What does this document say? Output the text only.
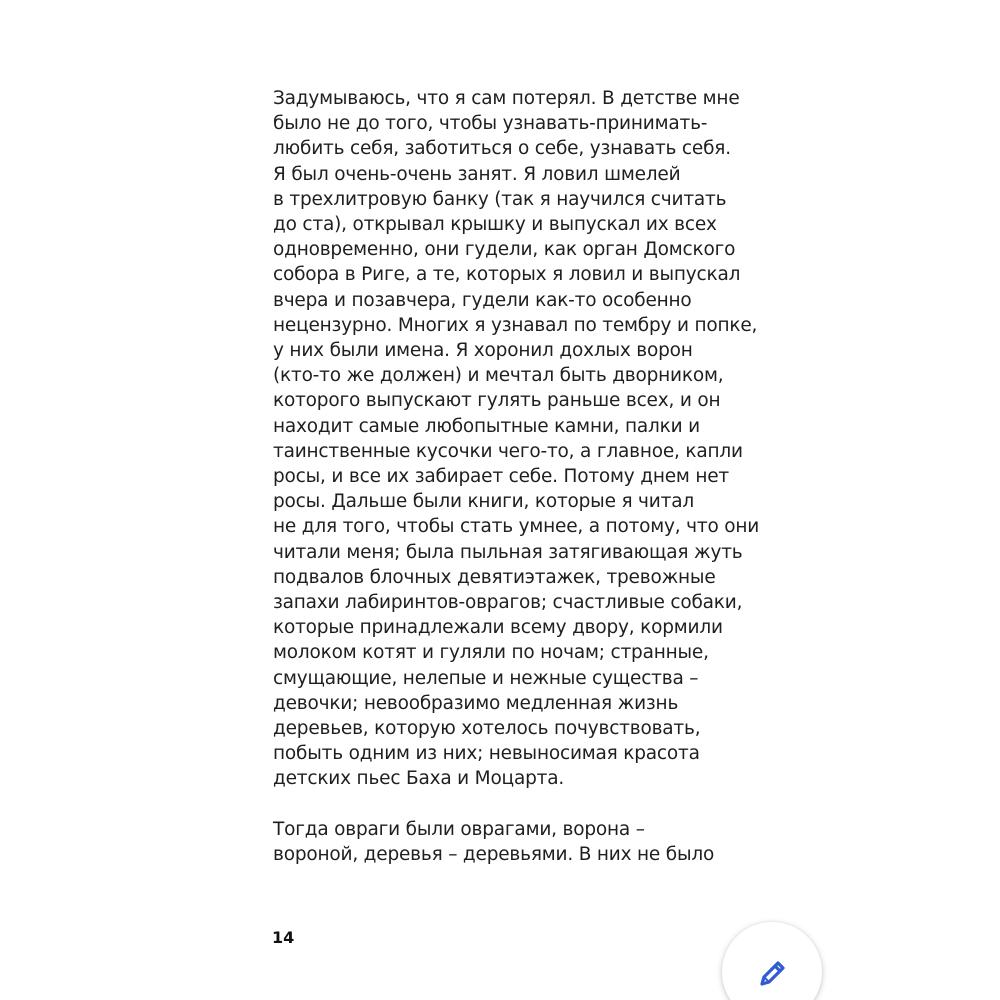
Задумываюсь, что я сам потерял. В детстве мне
было не до того, чтобы узнавать-принимать-
любить себя, заботиться о себе, узнавать себя.
Я был очень-очень занят. Я ловил шмелей
в трехлитровую банку (так я научился считать
до ста), открывал крышку и выпускал их всех
одновременно, они гудели, как орган Домского
собора в Риге, а те, которых я ловил и выпускал
вчера и позавчера, гудели как-то особенно
нецензурно. Многих я узнавал по тембру и попке,
у них были имена. Я хоронил дохлых ворон
(кто-то же должен) и мечтал быть дворником,
которого выпускают гулять раньше всех, и он
находит самые любопытные камни, палки и
таинственные кусочки чего-то, а главное, капли
росы, и все их забирает себе. Потому днем нет
росы. Дальше были книги, которые я читал
не для того, чтобы стать умнее, а потому, что они
читали меня; была пыльная затягивающая жуть
подвалов блочных девятиэтажек, тревожные
запахи лабиринтов-оврагов; счастливые собаки,
которые принадлежали всему двору, кормили
молоком котят и гуляли по ночам; странные,
смущающие, нелепые и нежные существа –
девочки; невообразимо медленная жизнь
деревьев, которую хотелось почувствовать,
побыть одним из них; невыносимая красота
детских пьес Баха и Моцарта.
Тогда овраги были оврагами, ворона –
вороной, деревья – деревьями. В них не было
14
